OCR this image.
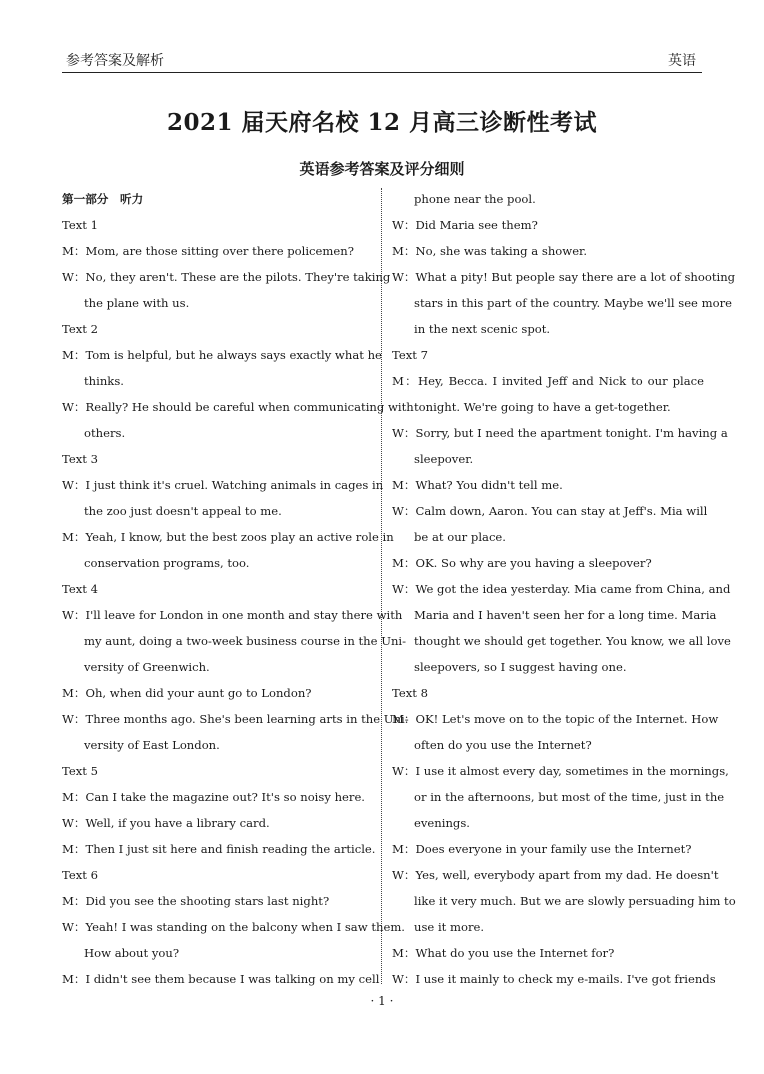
参考答案及解析	英语
2021 届天府名校 12 月高三诊断性考试
英语参考答案及评分细则
第一部分　听力
Text 1
M：Mom, are those sitting over there policemen?
W：No, they aren't. These are the pilots. They're taking
the plane with us.
Text 2
M：Tom is helpful, but he always says exactly what he
thinks.
W：Really? He should be careful when communicating with
others.
Text 3
W：I just think it's cruel. Watching animals in cages in
the zoo just doesn't appeal to me.
M：Yeah, I know, but the best zoos play an active role in
conservation programs, too.
Text 4
W：I'll leave for London in one month and stay there with
my aunt, doing a two-week business course in the Uni-
versity of Greenwich.
M：Oh, when did your aunt go to London?
W：Three months ago. She's been learning arts in the Uni-
versity of East London.
Text 5
M：Can I take the magazine out? It's so noisy here.
W：Well, if you have a library card.
M：Then I just sit here and finish reading the article.
Text 6
M：Did you see the shooting stars last night?
W：Yeah! I was standing on the balcony when I saw them.
How about you?
M：I didn't see them because I was talking on my cell
phone near the pool.
W：Did Maria see them?
M：No, she was taking a shower.
W：What a pity! But people say there are a lot of shooting
stars in this part of the country. Maybe we'll see more
in the next scenic spot.
Text 7
M：Hey, Becca. I invited Jeff and Nick to our place
tonight. We're going to have a get-together.
W：Sorry, but I need the apartment tonight. I'm having a
sleepover.
M：What? You didn't tell me.
W：Calm down, Aaron. You can stay at Jeff's. Mia will
be at our place.
M：OK. So why are you having a sleepover?
W：We got the idea yesterday. Mia came from China, and
Maria and I haven't seen her for a long time. Maria
thought we should get together. You know, we all love
sleepovers, so I suggest having one.
Text 8
M：OK! Let's move on to the topic of the Internet. How
often do you use the Internet?
W：I use it almost every day, sometimes in the mornings,
or in the afternoons, but most of the time, just in the
evenings.
M：Does everyone in your family use the Internet?
W：Yes, well, everybody apart from my dad. He doesn't
like it very much. But we are slowly persuading him to
use it more.
M：What do you use the Internet for?
W：I use it mainly to check my e-mails. I've got friends
· 1 ·
